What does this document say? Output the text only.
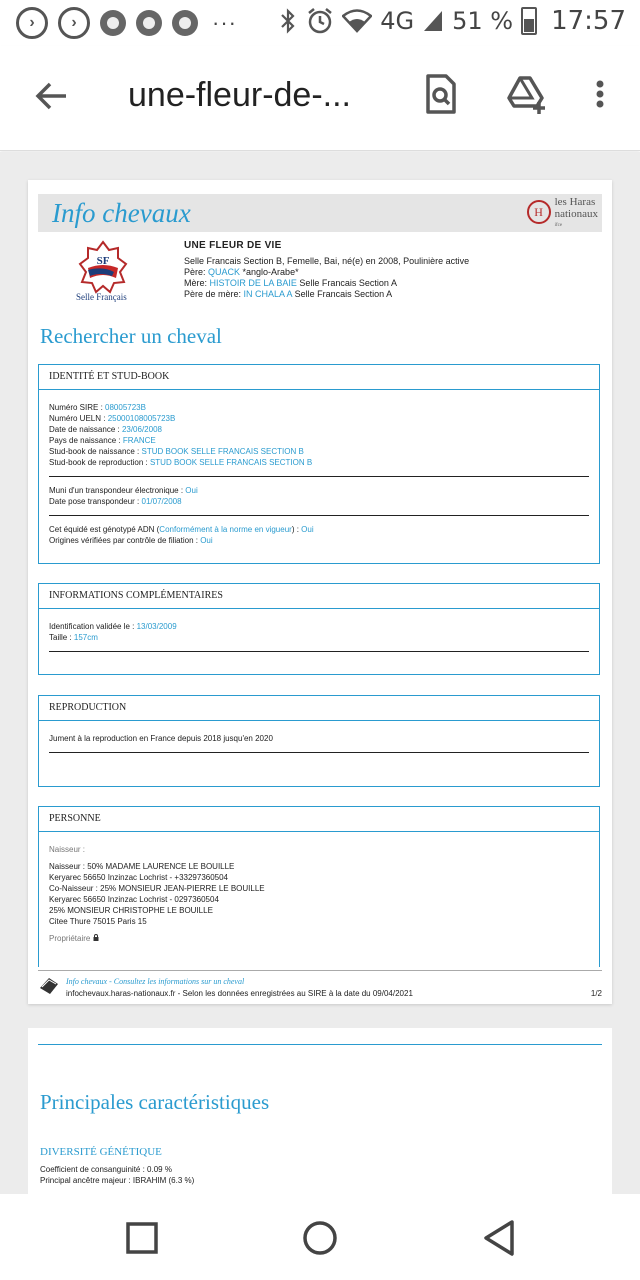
›	›	···	4G 51 % 17:57
une-fleur-de-...
Info chevaux	H
les Haras
nationaux
ifce
SF
Selle Français
UNE FLEUR DE VIE
Selle Francais Section B, Femelle, Bai, né(e) en 2008, Poulinière active
Père: QUACK *anglo-Arabe*
Mère: HISTOIR DE LA BAIE Selle Francais Section A
Père de mère: IN CHALA A Selle Francais Section A
Rechercher un cheval
IDENTITÉ ET STUD-BOOK
Numéro SIRE : 08005723B
Numéro UELN : 25000108005723B
Date de naissance : 23/06/2008
Pays de naissance : FRANCE
Stud-book de naissance : STUD BOOK SELLE FRANCAIS SECTION B
Stud-book de reproduction : STUD BOOK SELLE FRANCAIS SECTION B
Muni d'un transpondeur électronique : Oui
Date pose transpondeur : 01/07/2008
Cet équidé est génotypé ADN (Conformément à la norme en vigueur) : Oui
Origines vérifiées par contrôle de filiation : Oui
INFORMATIONS COMPLÉMENTAIRES
Identification validée le : 13/03/2009
Taille : 157cm
REPRODUCTION
Jument à la reproduction en France depuis 2018 jusqu'en 2020
PERSONNE
Naisseur :
Naisseur : 50% MADAME LAURENCE LE BOUILLE
Keryarec 56650 Inzinzac Lochrist - +33297360504
Co-Naisseur : 25% MONSIEUR JEAN-PIERRE LE BOUILLE
Keryarec 56650 Inzinzac Lochrist - 0297360504
25% MONSIEUR CHRISTOPHE LE BOUILLE
Citee Thure 75015 Paris 15
Propriétaire
Info chevaux - Consultez les informations sur un cheval
infochevaux.haras-nationaux.fr - Selon les données enregistrées au SIRE à la date du 09/04/2021	1/2
Principales caractéristiques
DIVERSITÉ GÉNÉTIQUE
Coefficient de consanguinité : 0.09 %
Principal ancêtre majeur : IBRAHIM (6.3 %)
